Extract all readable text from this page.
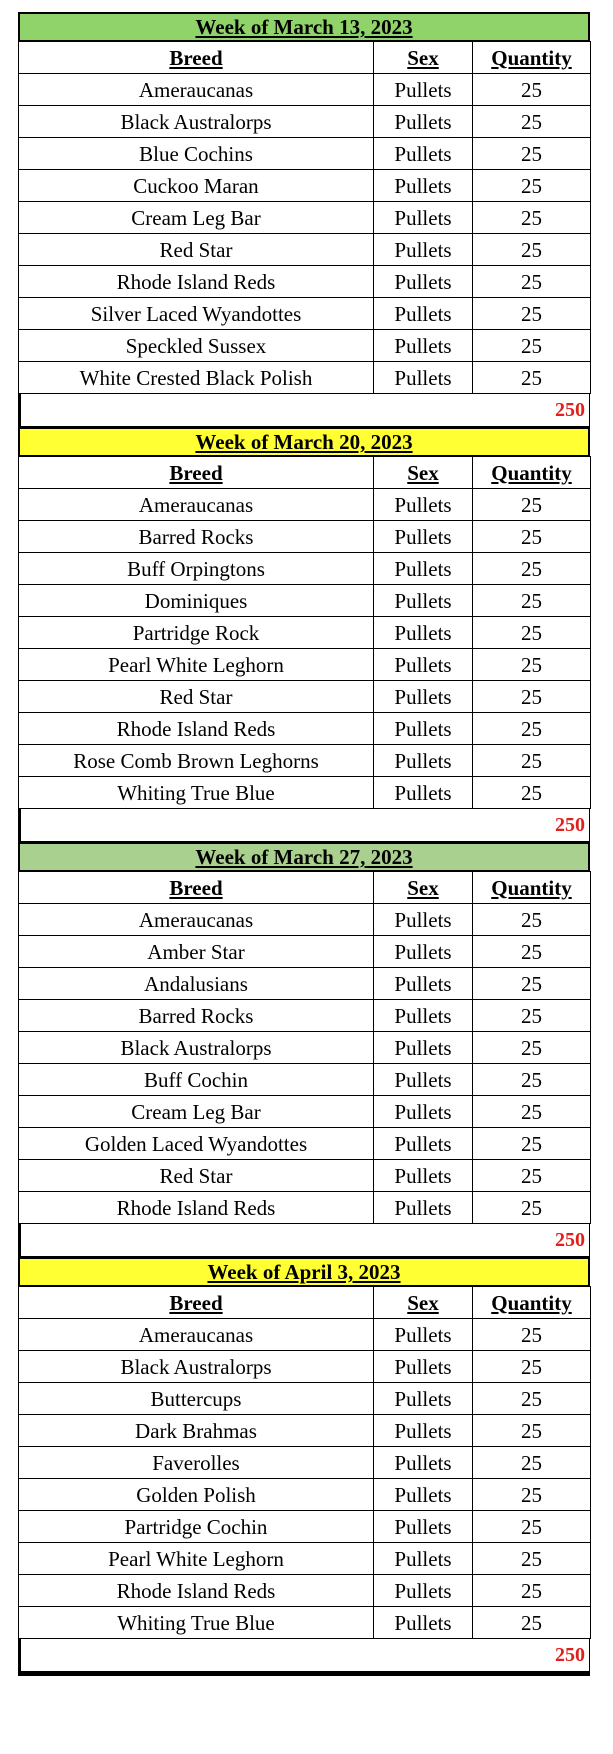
Week of March 13, 2023
Breed	Sex	Quantity
Ameraucanas	Pullets	25
Black Australorps	Pullets	25
Blue Cochins	Pullets	25
Cuckoo Maran	Pullets	25
Cream Leg Bar	Pullets	25
Red Star	Pullets	25
Rhode Island Reds	Pullets	25
Silver Laced Wyandottes	Pullets	25
Speckled Sussex	Pullets	25
White Crested Black Polish	Pullets	25
250
Week of March 20, 2023
Breed	Sex	Quantity
Ameraucanas	Pullets	25
Barred Rocks	Pullets	25
Buff Orpingtons	Pullets	25
Dominiques	Pullets	25
Partridge Rock	Pullets	25
Pearl White Leghorn	Pullets	25
Red Star	Pullets	25
Rhode Island Reds	Pullets	25
Rose Comb Brown Leghorns	Pullets	25
Whiting True Blue	Pullets	25
250
Week of March 27, 2023
Breed	Sex	Quantity
Ameraucanas	Pullets	25
Amber Star	Pullets	25
Andalusians	Pullets	25
Barred Rocks	Pullets	25
Black Australorps	Pullets	25
Buff Cochin	Pullets	25
Cream Leg Bar	Pullets	25
Golden Laced Wyandottes	Pullets	25
Red Star	Pullets	25
Rhode Island Reds	Pullets	25
250
Week of April 3, 2023
Breed	Sex	Quantity
Ameraucanas	Pullets	25
Black Australorps	Pullets	25
Buttercups	Pullets	25
Dark Brahmas	Pullets	25
Faverolles	Pullets	25
Golden Polish	Pullets	25
Partridge Cochin	Pullets	25
Pearl White Leghorn	Pullets	25
Rhode Island Reds	Pullets	25
Whiting True Blue	Pullets	25
250
